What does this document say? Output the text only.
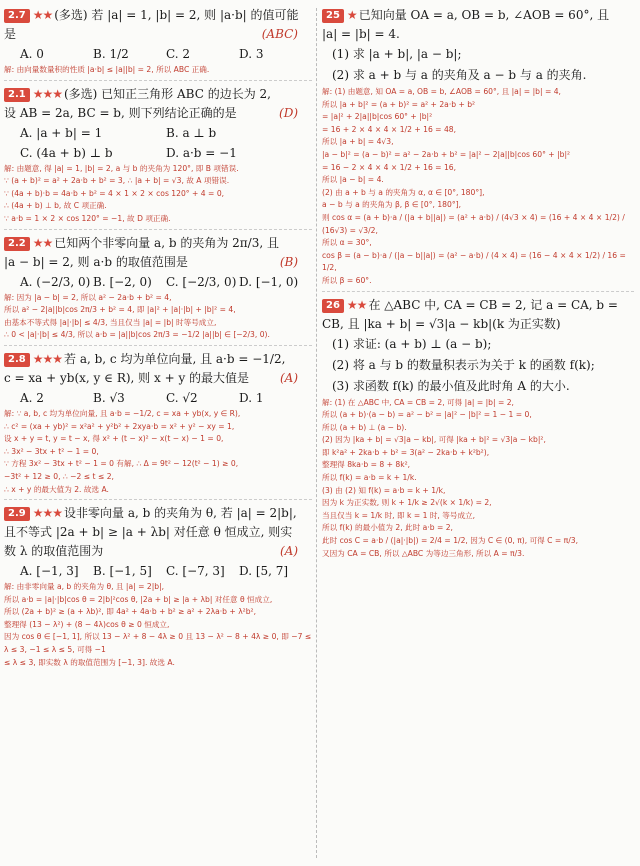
2.7 ★★ (多选) 若 |a| = 1, |b| = 2, 则 |a·b| 的值可能
是	(ABC)
A. 0	B. 1/2	C. 2	D. 3
解: 由向量数量积的性质 |a·b| ≤ |a||b| = 2, 所以 ABC 正确.
2.1 ★★★ (多选) 已知正三角形 ABC 的边长为 2,
设 AB = 2a, BC = b, 则下列结论正确的是	(D)
A. |a + b| = 1	B. a ⊥ b
C. (4a + b) ⊥ b	D. a·b = −1
解: 由题意, 得 |a| = 1, |b| = 2, a 与 b 的夹角为 120°, 即 B 项错误.
∵ (a + b)² = a² + 2a·b + b² = 3, ∴ |a + b| = √3, 故 A 项错误.
∵ (4a + b)·b = 4a·b + b² = 4 × 1 × 2 × cos 120° + 4 = 0,
∴ (4a + b) ⊥ b, 故 C 项正确.
∵ a·b = 1 × 2 × cos 120° = −1, 故 D 项正确.
2.2 ★★ 已知两个非零向量 a, b 的夹角为 2π/3, 且
|a − b| = 2, 则 a·b 的取值范围是	(B)
A. (−2/3, 0) B. [−2, 0)	C. [−2/3, 0) D. [−1, 0)
解: 因为 |a − b| = 2, 所以 a² − 2a·b + b² = 4,
所以 a² − 2|a||b|cos 2π/3 + b² = 4, 即 |a|² + |a|·|b| + |b|² = 4,
由基本不等式得 |a|·|b| ≤ 4/3, 当且仅当 |a| = |b| 时等号成立,
∴ 0 < |a|·|b| ≤ 4/3, 所以 a·b = |a||b|cos 2π/3 = −1/2 |a||b| ∈ [−2/3, 0).
2.8 ★★★ 若 a, b, c 均为单位向量, 且 a·b = −1/2,
c = xa + yb(x, y ∈ R), 则 x + y 的最大值是	(A)
A. 2	B. √3	C. √2	D. 1
解: ∵ a, b, c 均为单位向量, 且 a·b = −1/2, c = xa + yb(x, y ∈ R),
∴ c² = (xa + yb)² = x²a² + y²b² + 2xya·b = x² + y² − xy = 1,
设 x + y = t, y = t − x, 得 x² + (t − x)² − x(t − x) − 1 = 0,
∴ 3x² − 3tx + t² − 1 = 0,
∵ 方程 3x² − 3tx + t² − 1 = 0 有解, ∴ Δ = 9t² − 12(t² − 1) ≥ 0,
−3t² + 12 ≥ 0, ∴ −2 ≤ t ≤ 2,
∴ x + y 的最大值为 2. 故选 A.
2.9 ★★★ 设非零向量 a, b 的夹角为 θ, 若 |a| = 2|b|,
且不等式 |2a + b| ≥ |a + λb| 对任意 θ 恒成立, 则实
数 λ 的取值范围为	(A)
A. [−1, 3]	B. [−1, 5]	C. [−7, 3]	D. [5, 7]
解: 由非零向量 a, b 的夹角为 θ, 且 |a| = 2|b|,
所以 a·b = |a|·|b|cos θ = 2|b|²cos θ, |2a + b| ≥ |a + λb| 对任意 θ 恒成立,
所以 (2a + b)² ≥ (a + λb)², 即 4a² + 4a·b + b² ≥ a² + 2λa·b + λ²b²,
整理得 (13 − λ²) + (8 − 4λ)cos θ ≥ 0 恒成立,
因为 cos θ ∈ [−1, 1], 所以 13 − λ² + 8 − 4λ ≥ 0 且 13 − λ² − 8 + 4λ ≥ 0, 即 −7 ≤ λ ≤ 3, −1 ≤ λ ≤ 5, 可得 −1
≤ λ ≤ 3, 即实数 λ 的取值范围为 [−1, 3]. 故选 A.
25 ★ 已知向量 OA = a, OB = b, ∠AOB = 60°, 且
|a| = |b| = 4.
(1) 求 |a + b|, |a − b|;
(2) 求 a + b 与 a 的夹角及 a − b 与 a 的夹角.
解: (1) 由题意, 知 OA = a, OB = b, ∠AOB = 60°, 且 |a| = |b| = 4,
所以 |a + b|² = (a + b)² = a² + 2a·b + b²
= |a|² + 2|a||b|cos 60° + |b|²
= 16 + 2 × 4 × 4 × 1/2 + 16 = 48,
所以 |a + b| = 4√3,
|a − b|² = (a − b)² = a² − 2a·b + b² = |a|² − 2|a||b|cos 60° + |b|²
= 16 − 2 × 4 × 4 × 1/2 + 16 = 16,
所以 |a − b| = 4.
(2) 由 a + b 与 a 的夹角为 α, α ∈ [0°, 180°],
a − b 与 a 的夹角为 β, β ∈ [0°, 180°],
则 cos α = (a + b)·a / (|a + b||a|) = (a² + a·b) / (4√3 × 4) = (16 + 4 × 4 × 1/2) / (16√3) = √3/2,
所以 α = 30°,
cos β = (a − b)·a / (|a − b||a|) = (a² − a·b) / (4 × 4) = (16 − 4 × 4 × 1/2) / 16 = 1/2,
所以 β = 60°.
26 ★★ 在 △ABC 中, CA = CB = 2, 记 a = CA, b =
CB, 且 |ka + b| = √3|a − kb|(k 为正实数)
(1) 求证: (a + b) ⊥ (a − b);
(2) 将 a 与 b 的数量积表示为关于 k 的函数 f(k);
(3) 求函数 f(k) 的最小值及此时角 A 的大小.
解: (1) 在 △ABC 中, CA = CB = 2, 可得 |a| = |b| = 2,
所以 (a + b)·(a − b) = a² − b² = |a|² − |b|² = 1 − 1 = 0,
所以 (a + b) ⊥ (a − b).
(2) 因为 |ka + b| = √3|a − kb|, 可得 |ka + b|² = √3|a − kb|²,
即 k²a² + 2ka·b + b² = 3(a² − 2ka·b + k²b²),
整理得 8ka·b = 8 + 8k²,
所以 f(k) = a·b = k + 1/k.
(3) 由 (2) 知 f(k) = a·b = k + 1/k,
因为 k 为正实数, 则 k + 1/k ≥ 2√(k × 1/k) = 2,
当且仅当 k = 1/k 时, 即 k = 1 时, 等号成立,
所以 f(k) 的最小值为 2, 此时 a·b = 2,
此时 cos C = a·b / (|a|·|b|) = 2/4 = 1/2, 因为 C ∈ (0, π), 可得 C = π/3,
又因为 CA = CB, 所以 △ABC 为等边三角形, 所以 A = π/3.
